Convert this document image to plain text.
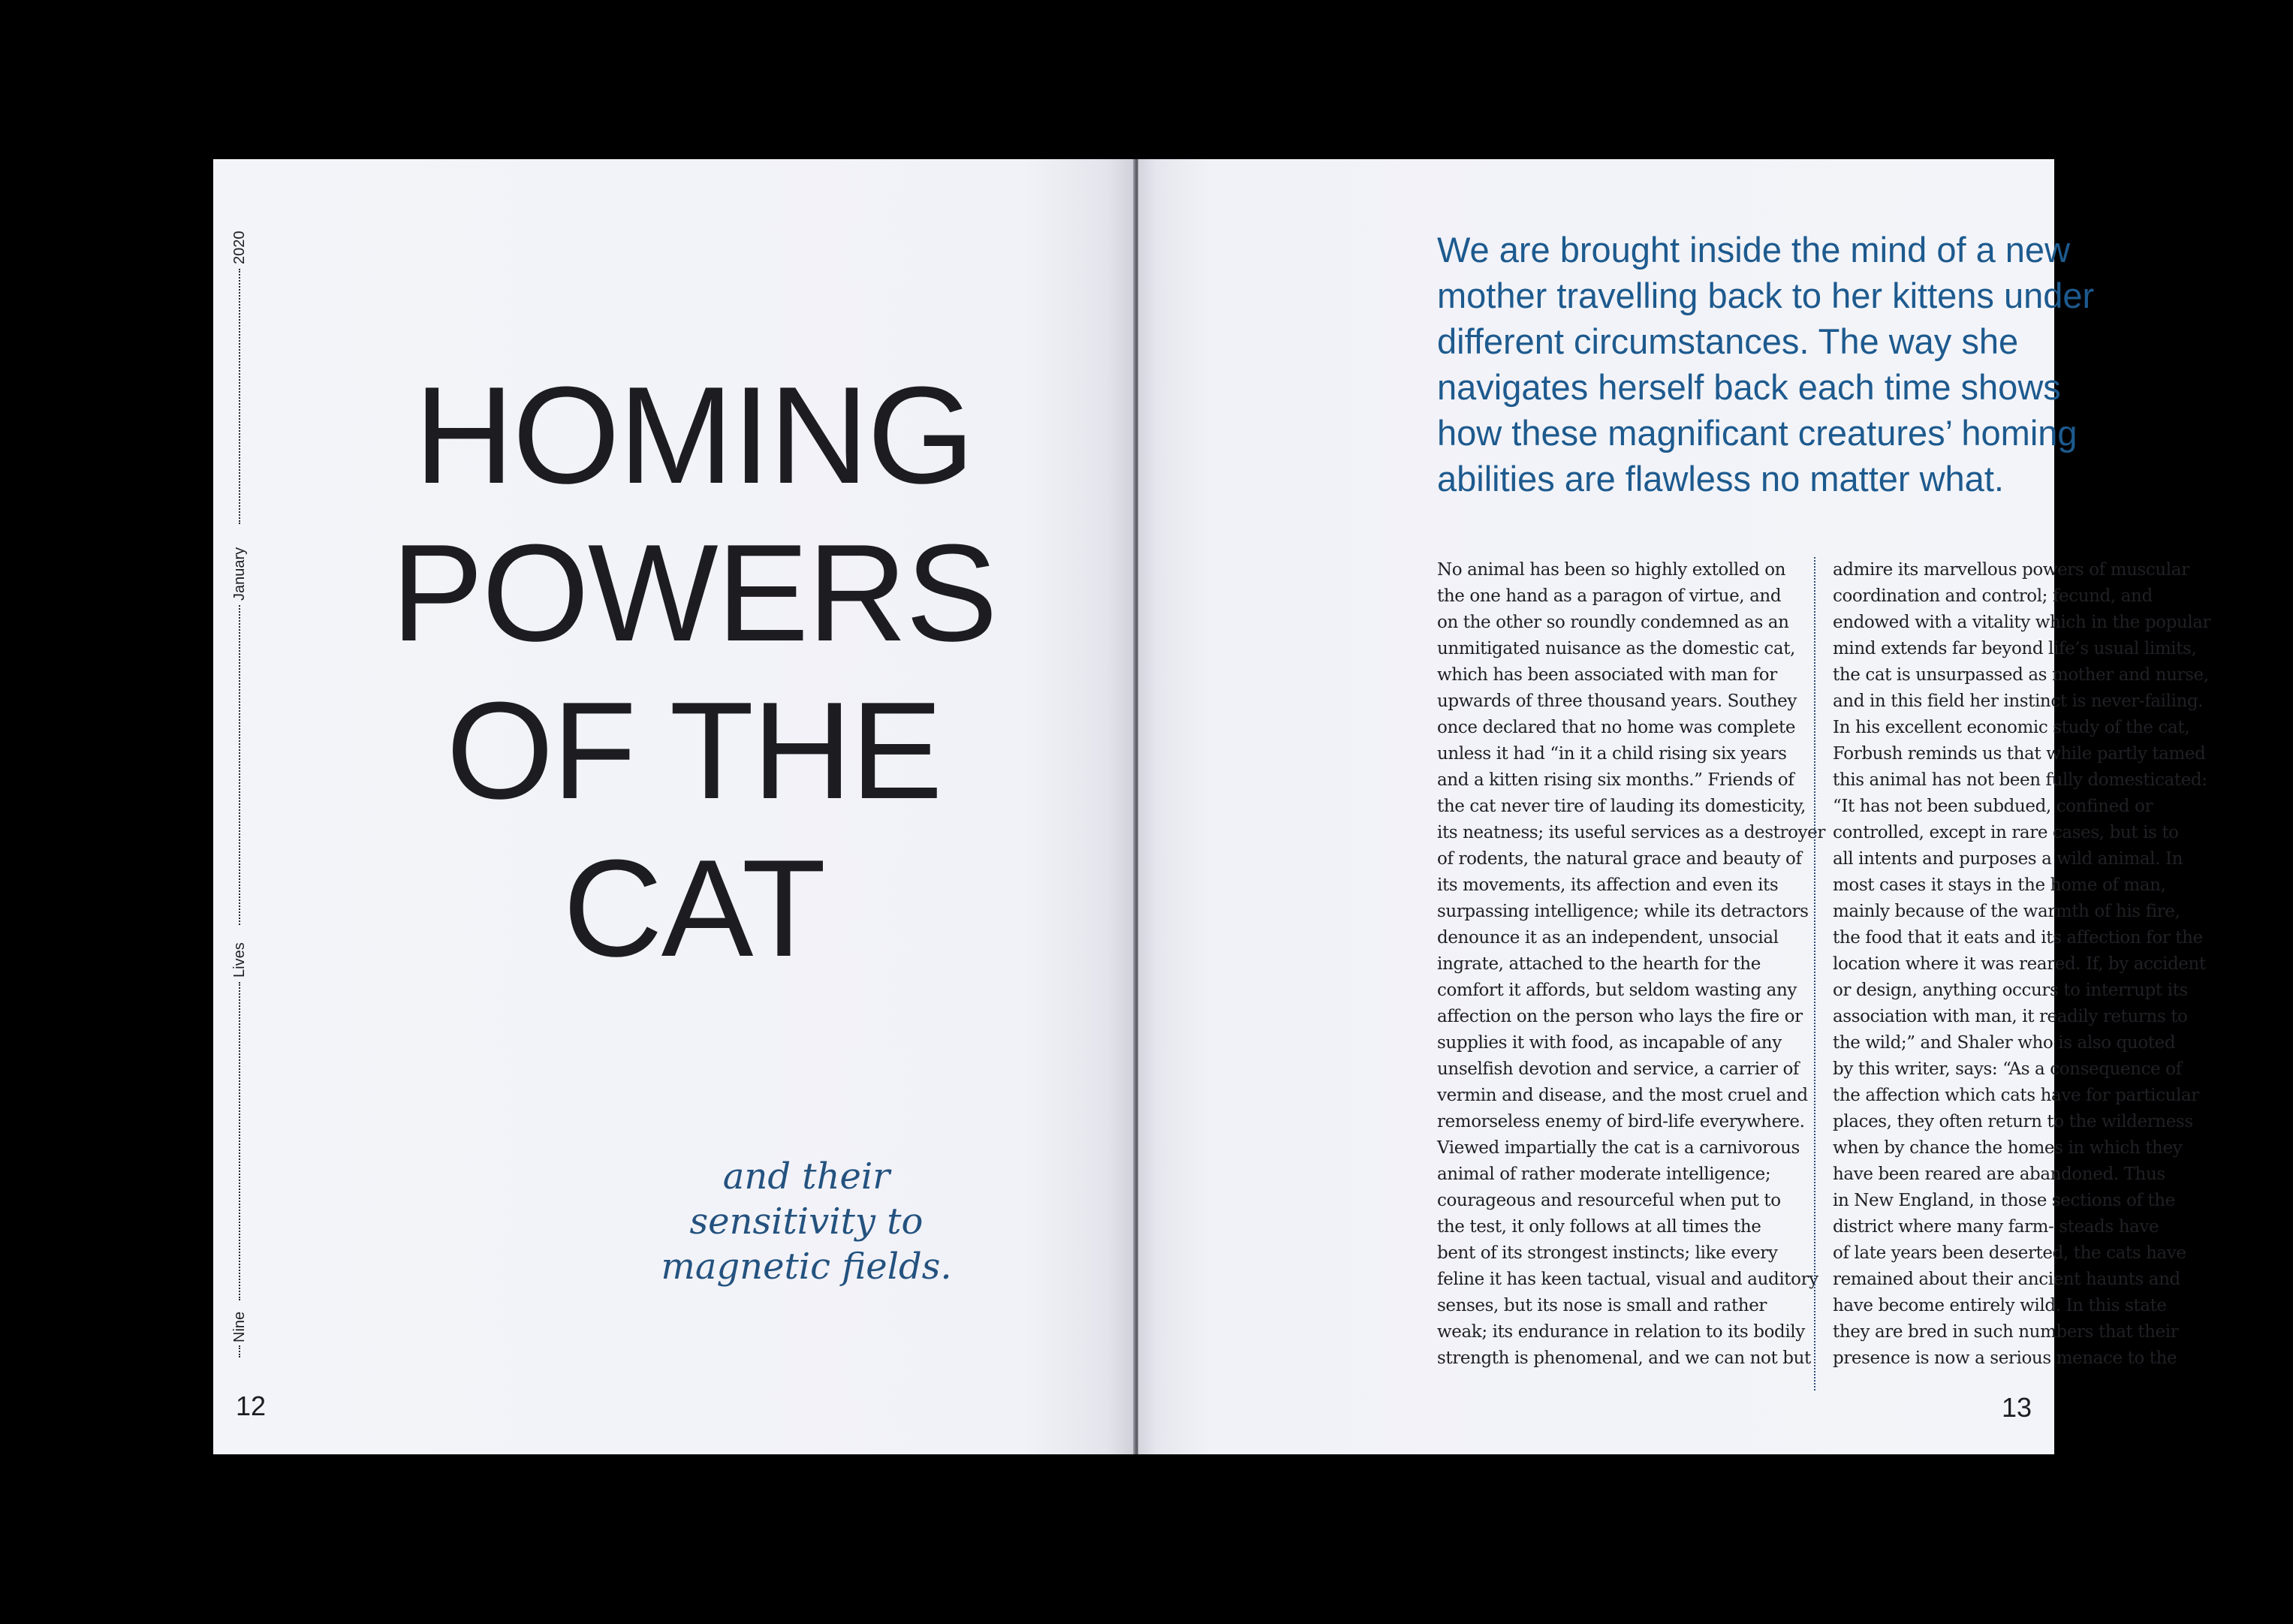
2020
January
Lives
Nine
HOMING
POWERS
OF THE
CAT

and their
sensitivity to
magnetic fields.

12

We are brought inside the mind of a new
mother travelling back to her kittens under
different circumstances. The way she
navigates herself back each time shows
how these magnificant creatures’ homing
abilities are flawless no matter what.

No animal has been so highly extolled on
the one hand as a paragon of virtue, and
on the other so roundly condemned as an
unmitigated nuisance as the domestic cat,
which has been associated with man for
upwards of three thousand years. Southey
once declared that no home was complete
unless it had “in it a child rising six years
and a kitten rising six months.” Friends of
the cat never tire of lauding its domesticity,
its neatness; its useful services as a destroyer
of rodents, the natural grace and beauty of
its movements, its affection and even its
surpassing intelligence; while its detractors
denounce it as an independent, unsocial
ingrate, attached to the hearth for the
comfort it affords, but seldom wasting any
affection on the person who lays the fire or
supplies it with food, as incapable of any
unselfish devotion and service, a carrier of
vermin and disease, and the most cruel and
remorseless enemy of bird-life everywhere.
Viewed impartially the cat is a carnivorous
animal of rather moderate intelligence;
courageous and resourceful when put to
the test, it only follows at all times the
bent of its strongest instincts; like every
feline it has keen tactual, visual and auditory
senses, but its nose is small and rather
weak; its endurance in relation to its bodily
strength is phenomenal, and we can not but
admire its marvellous powers of muscular
coordination and control; fecund, and
endowed with a vitality which in the popular
mind extends far beyond life’s usual limits,
the cat is unsurpassed as mother and nurse,
and in this field her instinct is never-failing.
In his excellent economic study of the cat,
Forbush reminds us that while partly tamed
this animal has not been fully domesticated:
“It has not been subdued, confined or
controlled, except in rare cases, but is to
all intents and purposes a wild animal. In
most cases it stays in the home of man,
mainly because of the warmth of his fire,
the food that it eats and its affection for the
location where it was reared. If, by accident
or design, anything occurs to interrupt its
association with man, it readily returns to
the wild;” and Shaler who is also quoted
by this writer, says: “As a consequence of
the affection which cats have for particular
places, they often return to the wilderness
when by chance the homes in which they
have been reared are abandoned. Thus
in New England, in those sections of the
district where many farm- steads have
of late years been deserted, the cats have
remained about their ancient haunts and
have become entirely wild. In this state
they are bred in such numbers that their
presence is now a serious menace to the
13
